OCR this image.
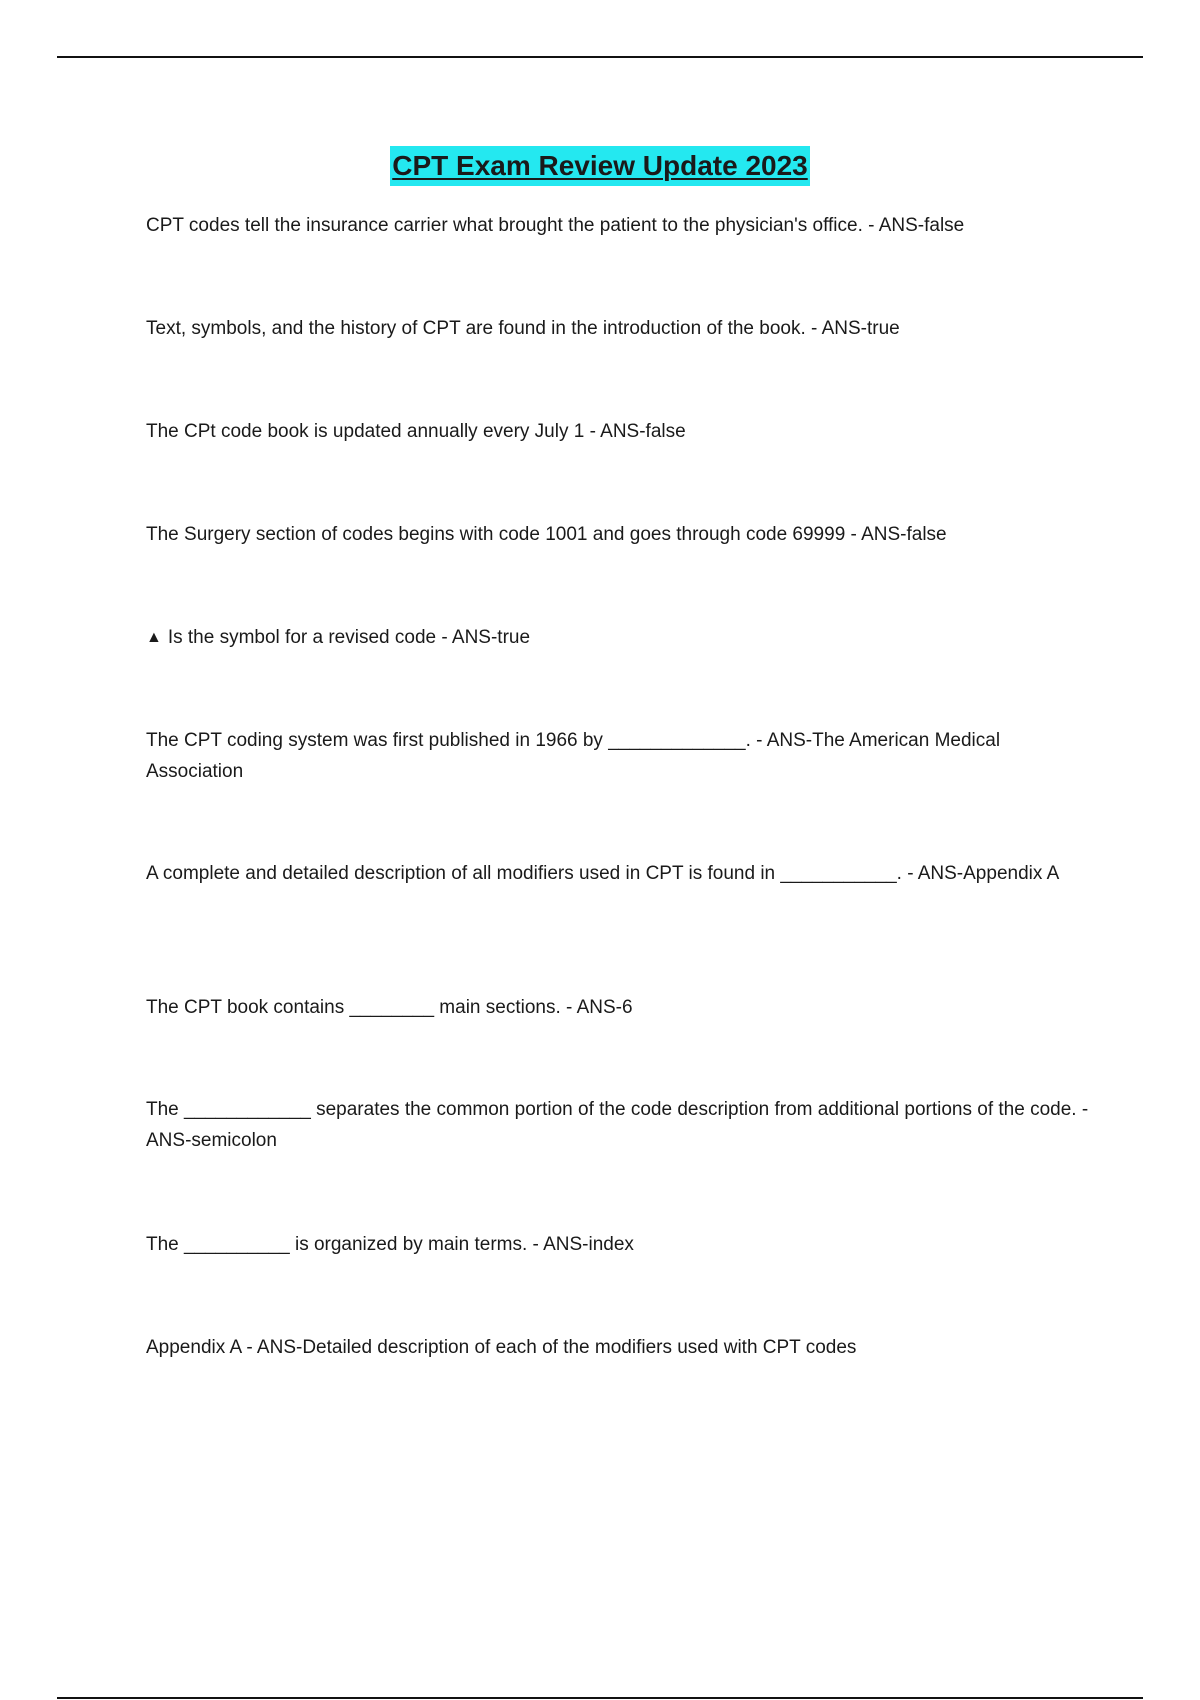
CPT Exam Review Update 2023
CPT codes tell the insurance carrier what brought the patient to the physician's office. - ANS-false
Text, symbols, and the history of CPT are found in the introduction of the book. - ANS-true
The CPt code book is updated annually every July 1 - ANS-false
The Surgery section of codes begins with code 1001 and goes through code 69999 - ANS-false
▲ Is the symbol for a revised code - ANS-true
The CPT coding system was first published in 1966 by _____________. - ANS-The American Medical Association
A complete and detailed description of all modifiers used in CPT is found in ___________. - ANS-Appendix A
The CPT book contains ________ main sections. - ANS-6
The ____________ separates the common portion of the code description from additional portions of the code. - ANS-semicolon
The __________ is organized by main terms. - ANS-index
Appendix A - ANS-Detailed description of each of the modifiers used with CPT codes
